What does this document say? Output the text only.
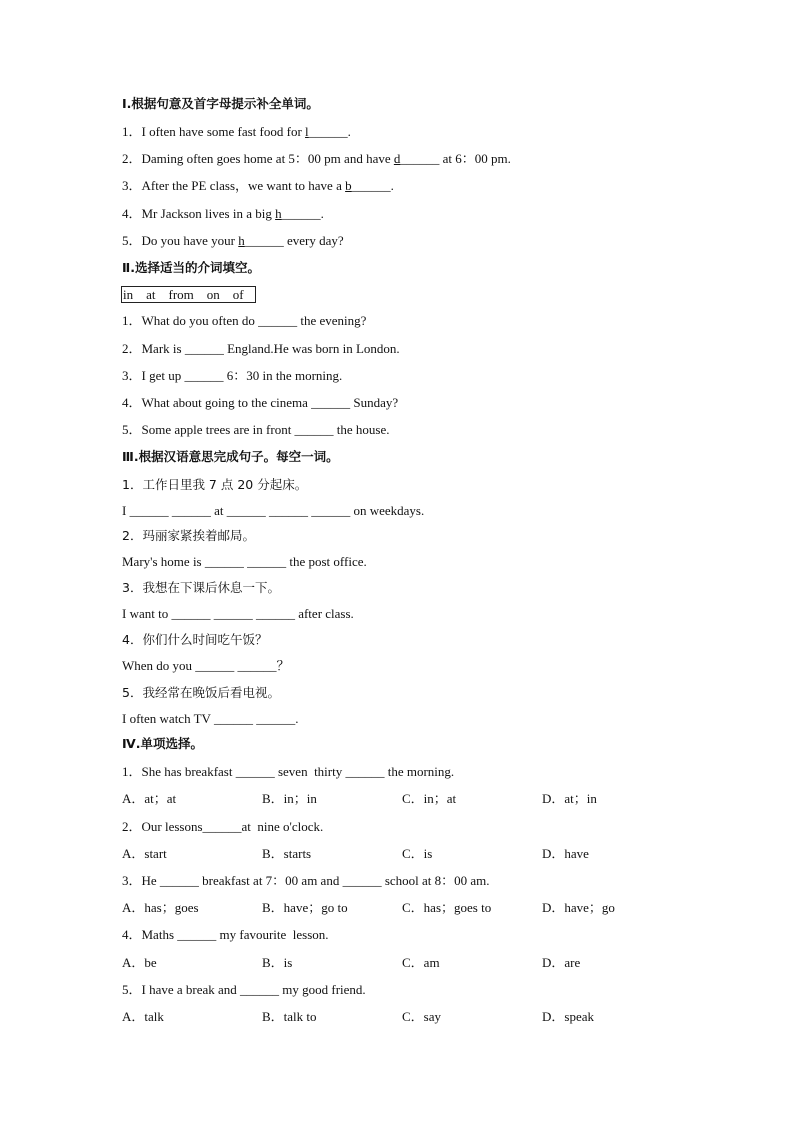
Ⅰ.根据句意及首字母提示补全单词。
1．I often have some fast food for l______.
2．Daming often goes home at 5：00 pm and have d______ at 6：00 pm.
3．After the PE class，we want to have a b______.
4．Mr Jackson lives in a big h______.
5．Do you have your h______ every day?
Ⅱ.选择适当的介词填空。
in    at    from    on    of
1．What do you often do ______ the evening?
2．Mark is ______ England.He was born in London.
3．I get up ______ 6：30 in the morning.
4．What about going to the cinema ______ Sunday?
5．Some apple trees are in front ______ the house.
Ⅲ.根据汉语意思完成句子。每空一词。
1．工作日里我 7 点 20 分起床。
I ______ ______ at ______ ______ ______ on weekdays.
2．玛丽家紧挨着邮局。
Mary's home is ______ ______ the post office.
3．我想在下课后休息一下。
I want to ______ ______ ______ after class.
4．你们什么时间吃午饭？
When do you ______ ______？
5．我经常在晚饭后看电视。
I often watch TV ______ ______.
Ⅳ.单项选择。
1．She has breakfast ______ seven  thirty ______ the morning.
A．at；at	B．in；in	C．in；at	D．at；in
2．Our lessons______at  nine o'clock.
A．start	B．starts	C．is	D．have
3．He ______ breakfast at 7：00 am and ______ school at 8：00 am.
A．has；goes	B．have；go to	C．has；goes to	D．have；go
4．Maths ______ my favourite  lesson.
A．be	B．is	C．am	D．are
5．I have a break and ______ my good friend.
A．talk	B．talk to	C．say	D．speak
